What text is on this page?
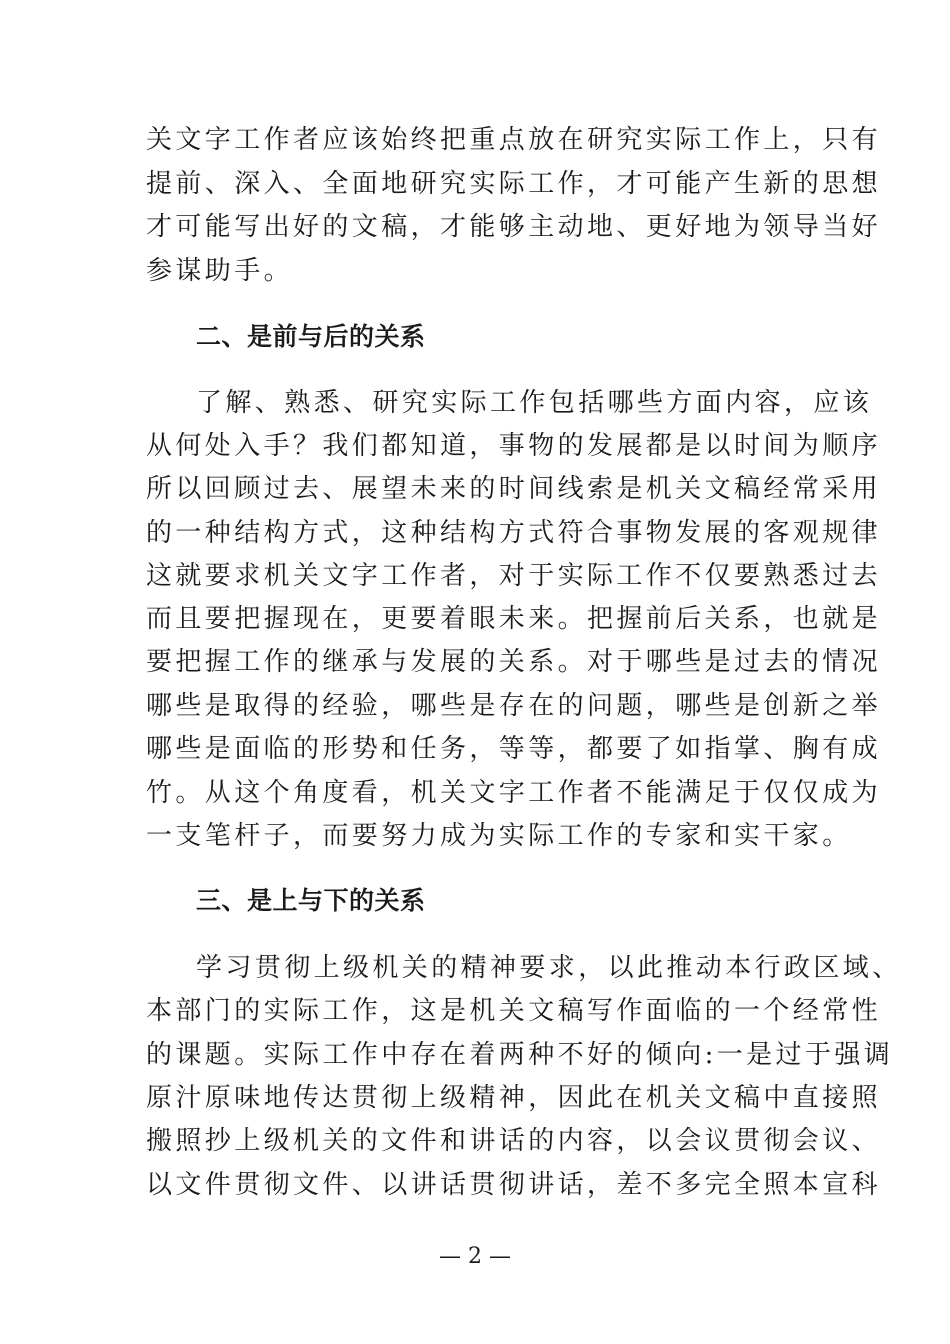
关文字工作者应该始终把重点放在研究实际工作上，只有
提前、深入、全面地研究实际工作，才可能产生新的思想
才可能写出好的文稿，才能够主动地、更好地为领导当好
参谋助手。
二、是前与后的关系
了解、熟悉、研究实际工作包括哪些方面内容，应该
从何处入手？我们都知道，事物的发展都是以时间为顺序
所以回顾过去、展望未来的时间线索是机关文稿经常采用
的一种结构方式，这种结构方式符合事物发展的客观规律
这就要求机关文字工作者，对于实际工作不仅要熟悉过去
而且要把握现在，更要着眼未来。把握前后关系，也就是
要把握工作的继承与发展的关系。对于哪些是过去的情况
哪些是取得的经验，哪些是存在的问题，哪些是创新之举
哪些是面临的形势和任务，等等，都要了如指掌、胸有成
竹。从这个角度看，机关文字工作者不能满足于仅仅成为
一支笔杆子，而要努力成为实际工作的专家和实干家。
三、是上与下的关系
学习贯彻上级机关的精神要求，以此推动本行政区域、
本部门的实际工作，这是机关文稿写作面临的一个经常性
的课题。实际工作中存在着两种不好的倾向:一是过于强调
原汁原味地传达贯彻上级精神，因此在机关文稿中直接照
搬照抄上级机关的文件和讲话的内容，以会议贯彻会议、
以文件贯彻文件、以讲话贯彻讲话，差不多完全照本宣科
— 2 —
